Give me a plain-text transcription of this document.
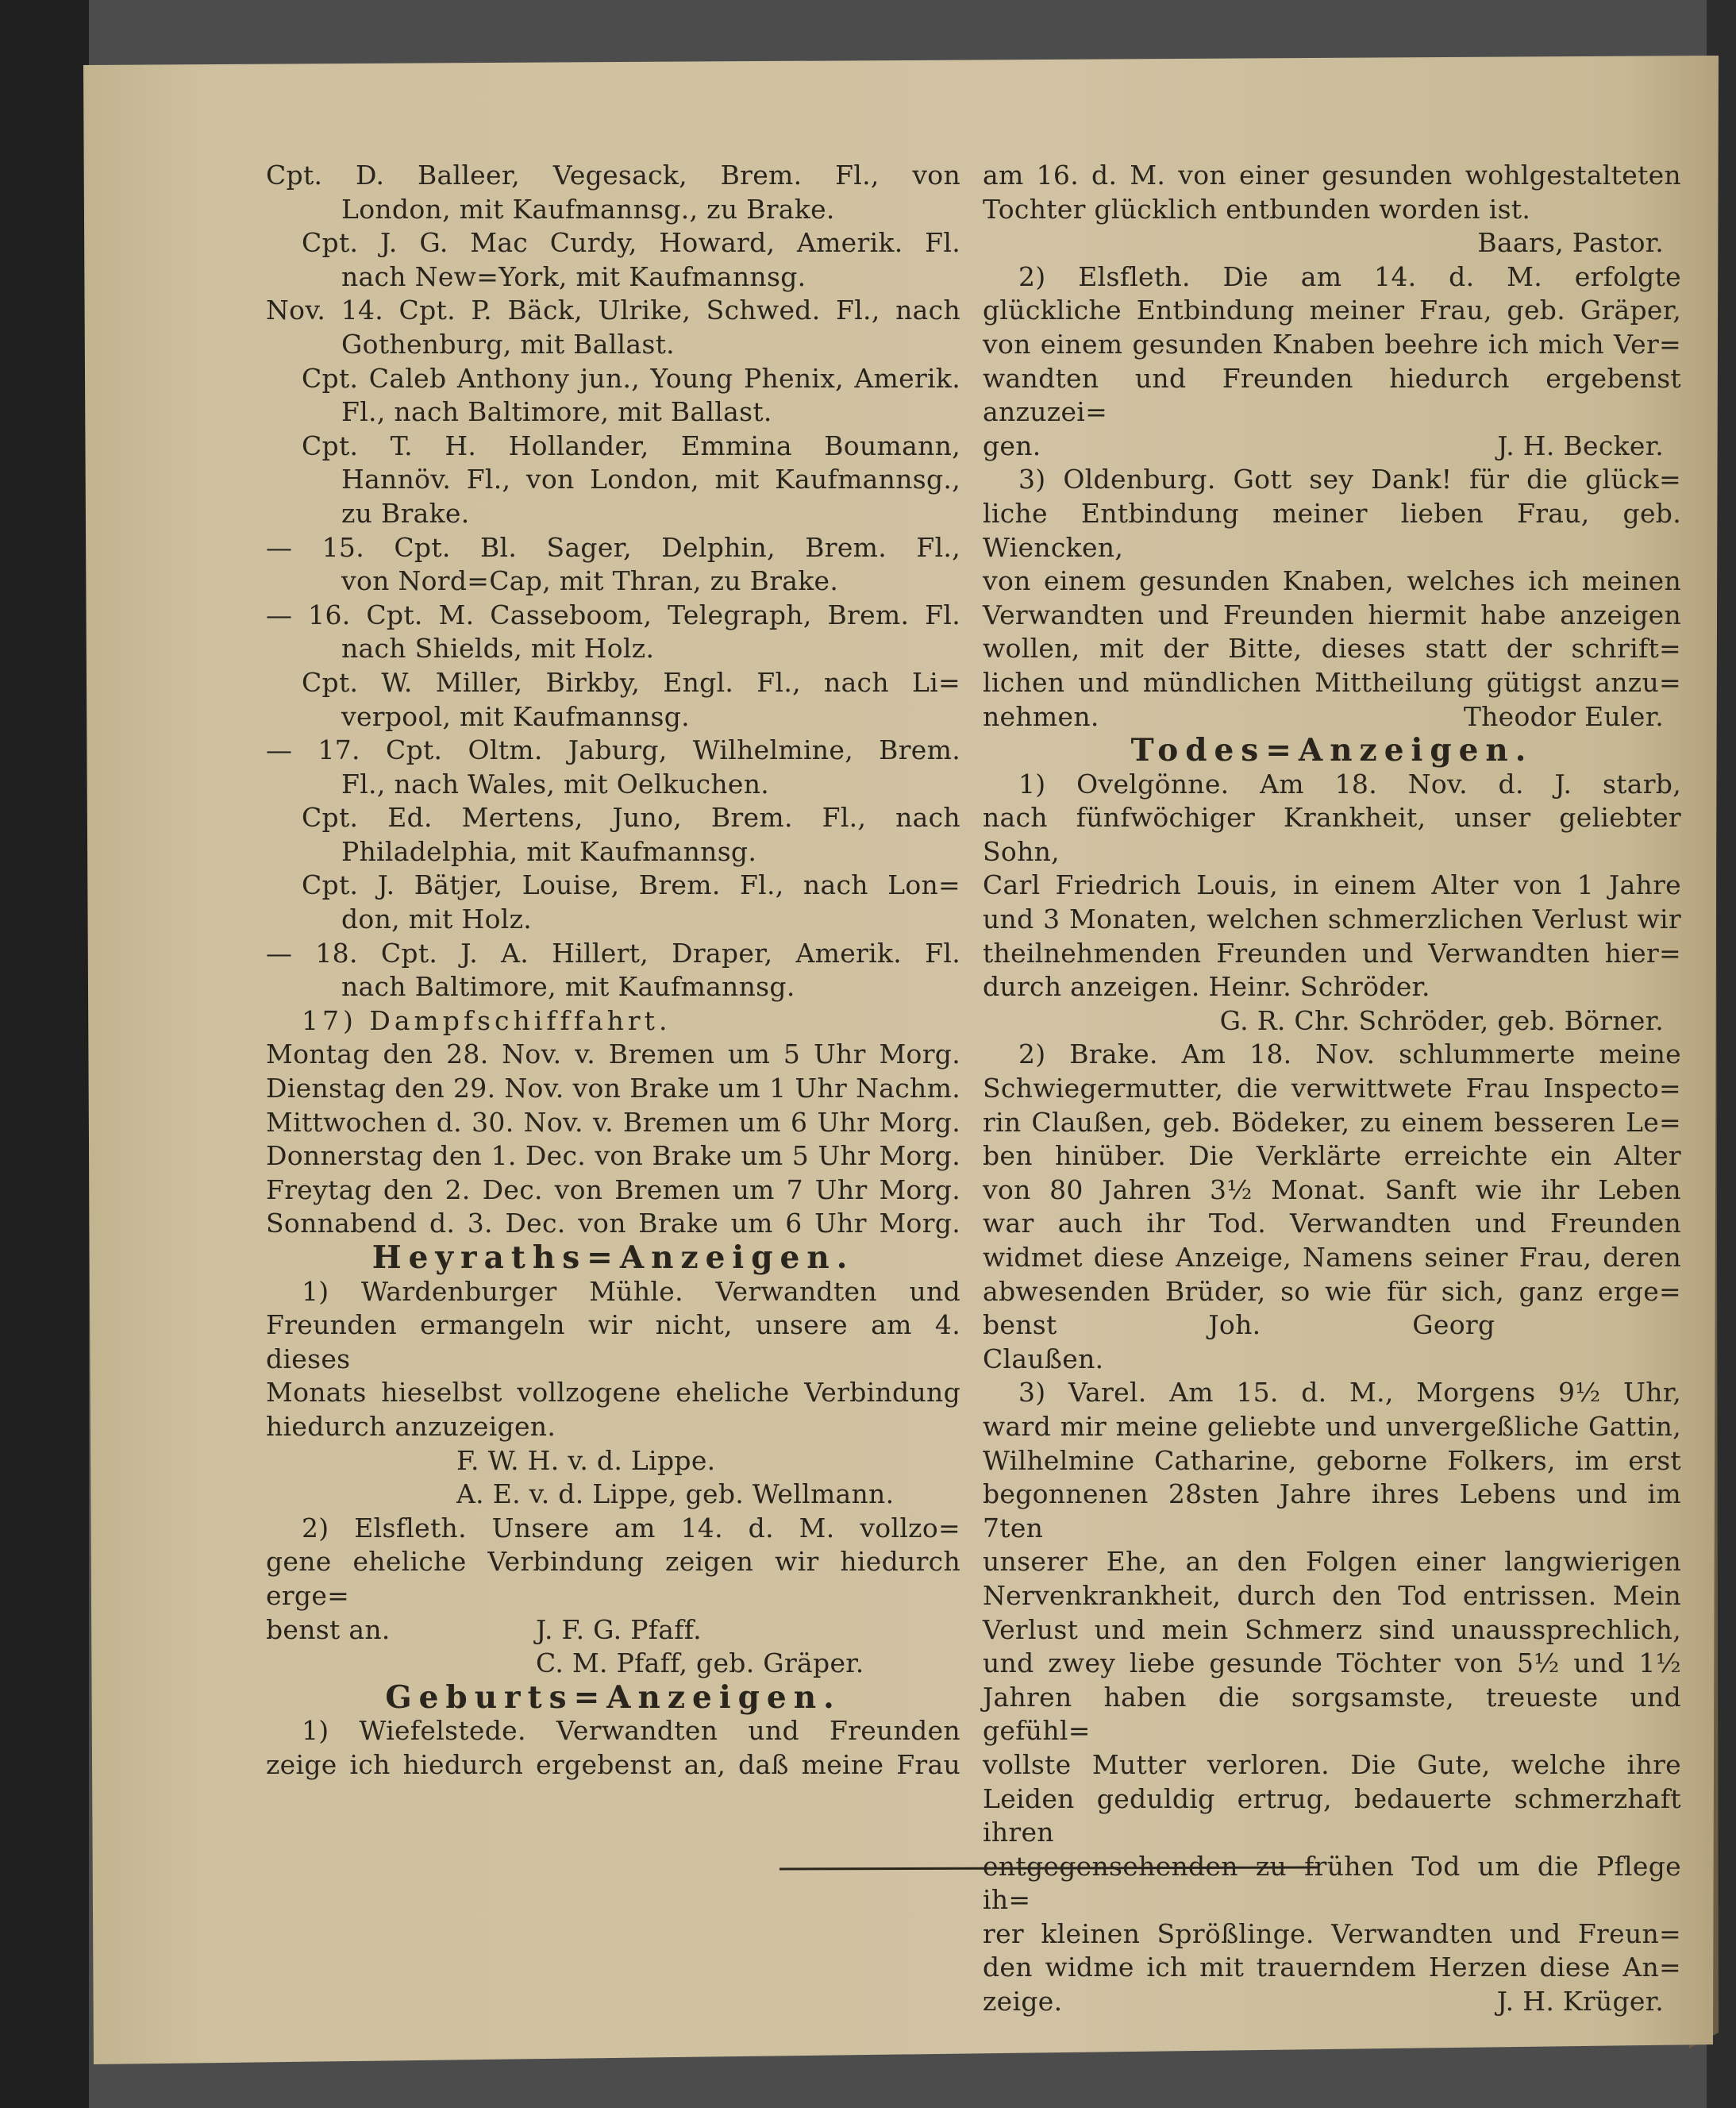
Cpt. D. Balleer, Vegesack, Brem. Fl., von

London, mit Kaufmannsg., zu Brake.

Cpt. J. G. Mac Curdy, Howard, Amerik. Fl.

nach New=York, mit Kaufmannsg.

Nov. 14. Cpt. P. Bäck, Ulrike, Schwed. Fl., nach

Gothenburg, mit Ballast.

Cpt. Caleb Anthony jun., Young Phenix, Amerik.

Fl., nach Baltimore, mit Ballast.

Cpt. T. H. Hollander, Emmina Boumann,

Hannöv. Fl., von London, mit Kaufmannsg.,

zu Brake.

— 15. Cpt. Bl. Sager, Delphin, Brem. Fl.,

von Nord=Cap, mit Thran, zu Brake.

— 16. Cpt. M. Casseboom, Telegraph, Brem. Fl.

nach Shields, mit Holz.

Cpt. W. Miller, Birkby, Engl. Fl., nach Li=

verpool, mit Kaufmannsg.

— 17. Cpt. Oltm. Jaburg, Wilhelmine, Brem.

Fl., nach Wales, mit Oelkuchen.

Cpt. Ed. Mertens, Juno, Brem. Fl., nach

Philadelphia, mit Kaufmannsg.

Cpt. J. Bätjer, Louise, Brem. Fl., nach Lon=

don, mit Holz.

— 18. Cpt. J. A. Hillert, Draper, Amerik. Fl.

nach Baltimore, mit Kaufmannsg.

17) Dampfschifffahrt.

Montag den 28. Nov. v. Bremen um 5 Uhr Morg.

Dienstag den 29. Nov. von Brake um 1 Uhr Nachm.

Mittwochen d. 30. Nov. v. Bremen um 6 Uhr Morg.

Donnerstag den 1. Dec. von Brake um 5 Uhr Morg.

Freytag den 2. Dec. von Bremen um 7 Uhr Morg.

Sonnabend d. 3. Dec. von Brake um 6 Uhr Morg.

Heyraths=Anzeigen.

1) Wardenburger Mühle. Verwandten und

Freunden ermangeln wir nicht, unsere am 4. dieses

Monats hieselbst vollzogene eheliche Verbindung

hiedurch anzuzeigen.

F. W. H. v. d. Lippe.

A. E. v. d. Lippe, geb. Wellmann.

2) Elsfleth. Unsere am 14. d. M. vollzo=

gene eheliche Verbindung zeigen wir hiedurch erge=

benst an.	J. F. G. Pfaff.

C. M. Pfaff, geb. Gräper.

Geburts=Anzeigen.

1) Wiefelstede. Verwandten und Freunden

zeige ich hiedurch ergebenst an, daß meine Frau

am 16. d. M. von einer gesunden wohlgestalteten

Tochter glücklich entbunden worden ist.

Baars, Pastor.

2) Elsfleth. Die am 14. d. M. erfolgte

glückliche Entbindung meiner Frau, geb. Gräper,

von einem gesunden Knaben beehre ich mich Ver=

wandten und Freunden hiedurch ergebenst anzuzei=

gen.	J. H. Becker.

3) Oldenburg. Gott sey Dank! für die glück=

liche Entbindung meiner lieben Frau, geb. Wiencken,

von einem gesunden Knaben, welches ich meinen

Verwandten und Freunden hiermit habe anzeigen

wollen, mit der Bitte, dieses statt der schrift=

lichen und mündlichen Mittheilung gütigst anzu=

nehmen.	Theodor Euler.

Todes=Anzeigen.

1) Ovelgönne. Am 18. Nov. d. J. starb,

nach fünfwöchiger Krankheit, unser geliebter Sohn,

Carl Friedrich Louis, in einem Alter von 1 Jahre

und 3 Monaten, welchen schmerzlichen Verlust wir

theilnehmenden Freunden und Verwandten hier=

durch anzeigen. Heinr. Schröder.

G. R. Chr. Schröder, geb. Börner.

2) Brake. Am 18. Nov. schlummerte meine

Schwiegermutter, die verwittwete Frau Inspecto=

rin Claußen, geb. Bödeker, zu einem besseren Le=

ben hinüber. Die Verklärte erreichte ein Alter

von 80 Jahren 3½ Monat. Sanft wie ihr Leben

war auch ihr Tod. Verwandten und Freunden

widmet diese Anzeige, Namens seiner Frau, deren

abwesenden Brüder, so wie für sich, ganz erge=

benst Joh. Georg Claußen.

3) Varel. Am 15. d. M., Morgens 9½ Uhr,

ward mir meine geliebte und unvergeßliche Gattin,

Wilhelmine Catharine, geborne Folkers, im erst

begonnenen 28sten Jahre ihres Lebens und im 7ten

unserer Ehe, an den Folgen einer langwierigen

Nervenkrankheit, durch den Tod entrissen. Mein

Verlust und mein Schmerz sind unaussprechlich,

und zwey liebe gesunde Töchter von 5½ und 1½

Jahren haben die sorgsamste, treueste und gefühl=

vollste Mutter verloren. Die Gute, welche ihre

Leiden geduldig ertrug, bedauerte schmerzhaft ihren

entgegensehenden zu frühen Tod um die Pflege ih=

rer kleinen Sprößlinge. Verwandten und Freun=

den widme ich mit trauerndem Herzen diese An=

zeige.	J. H. Krüger.
